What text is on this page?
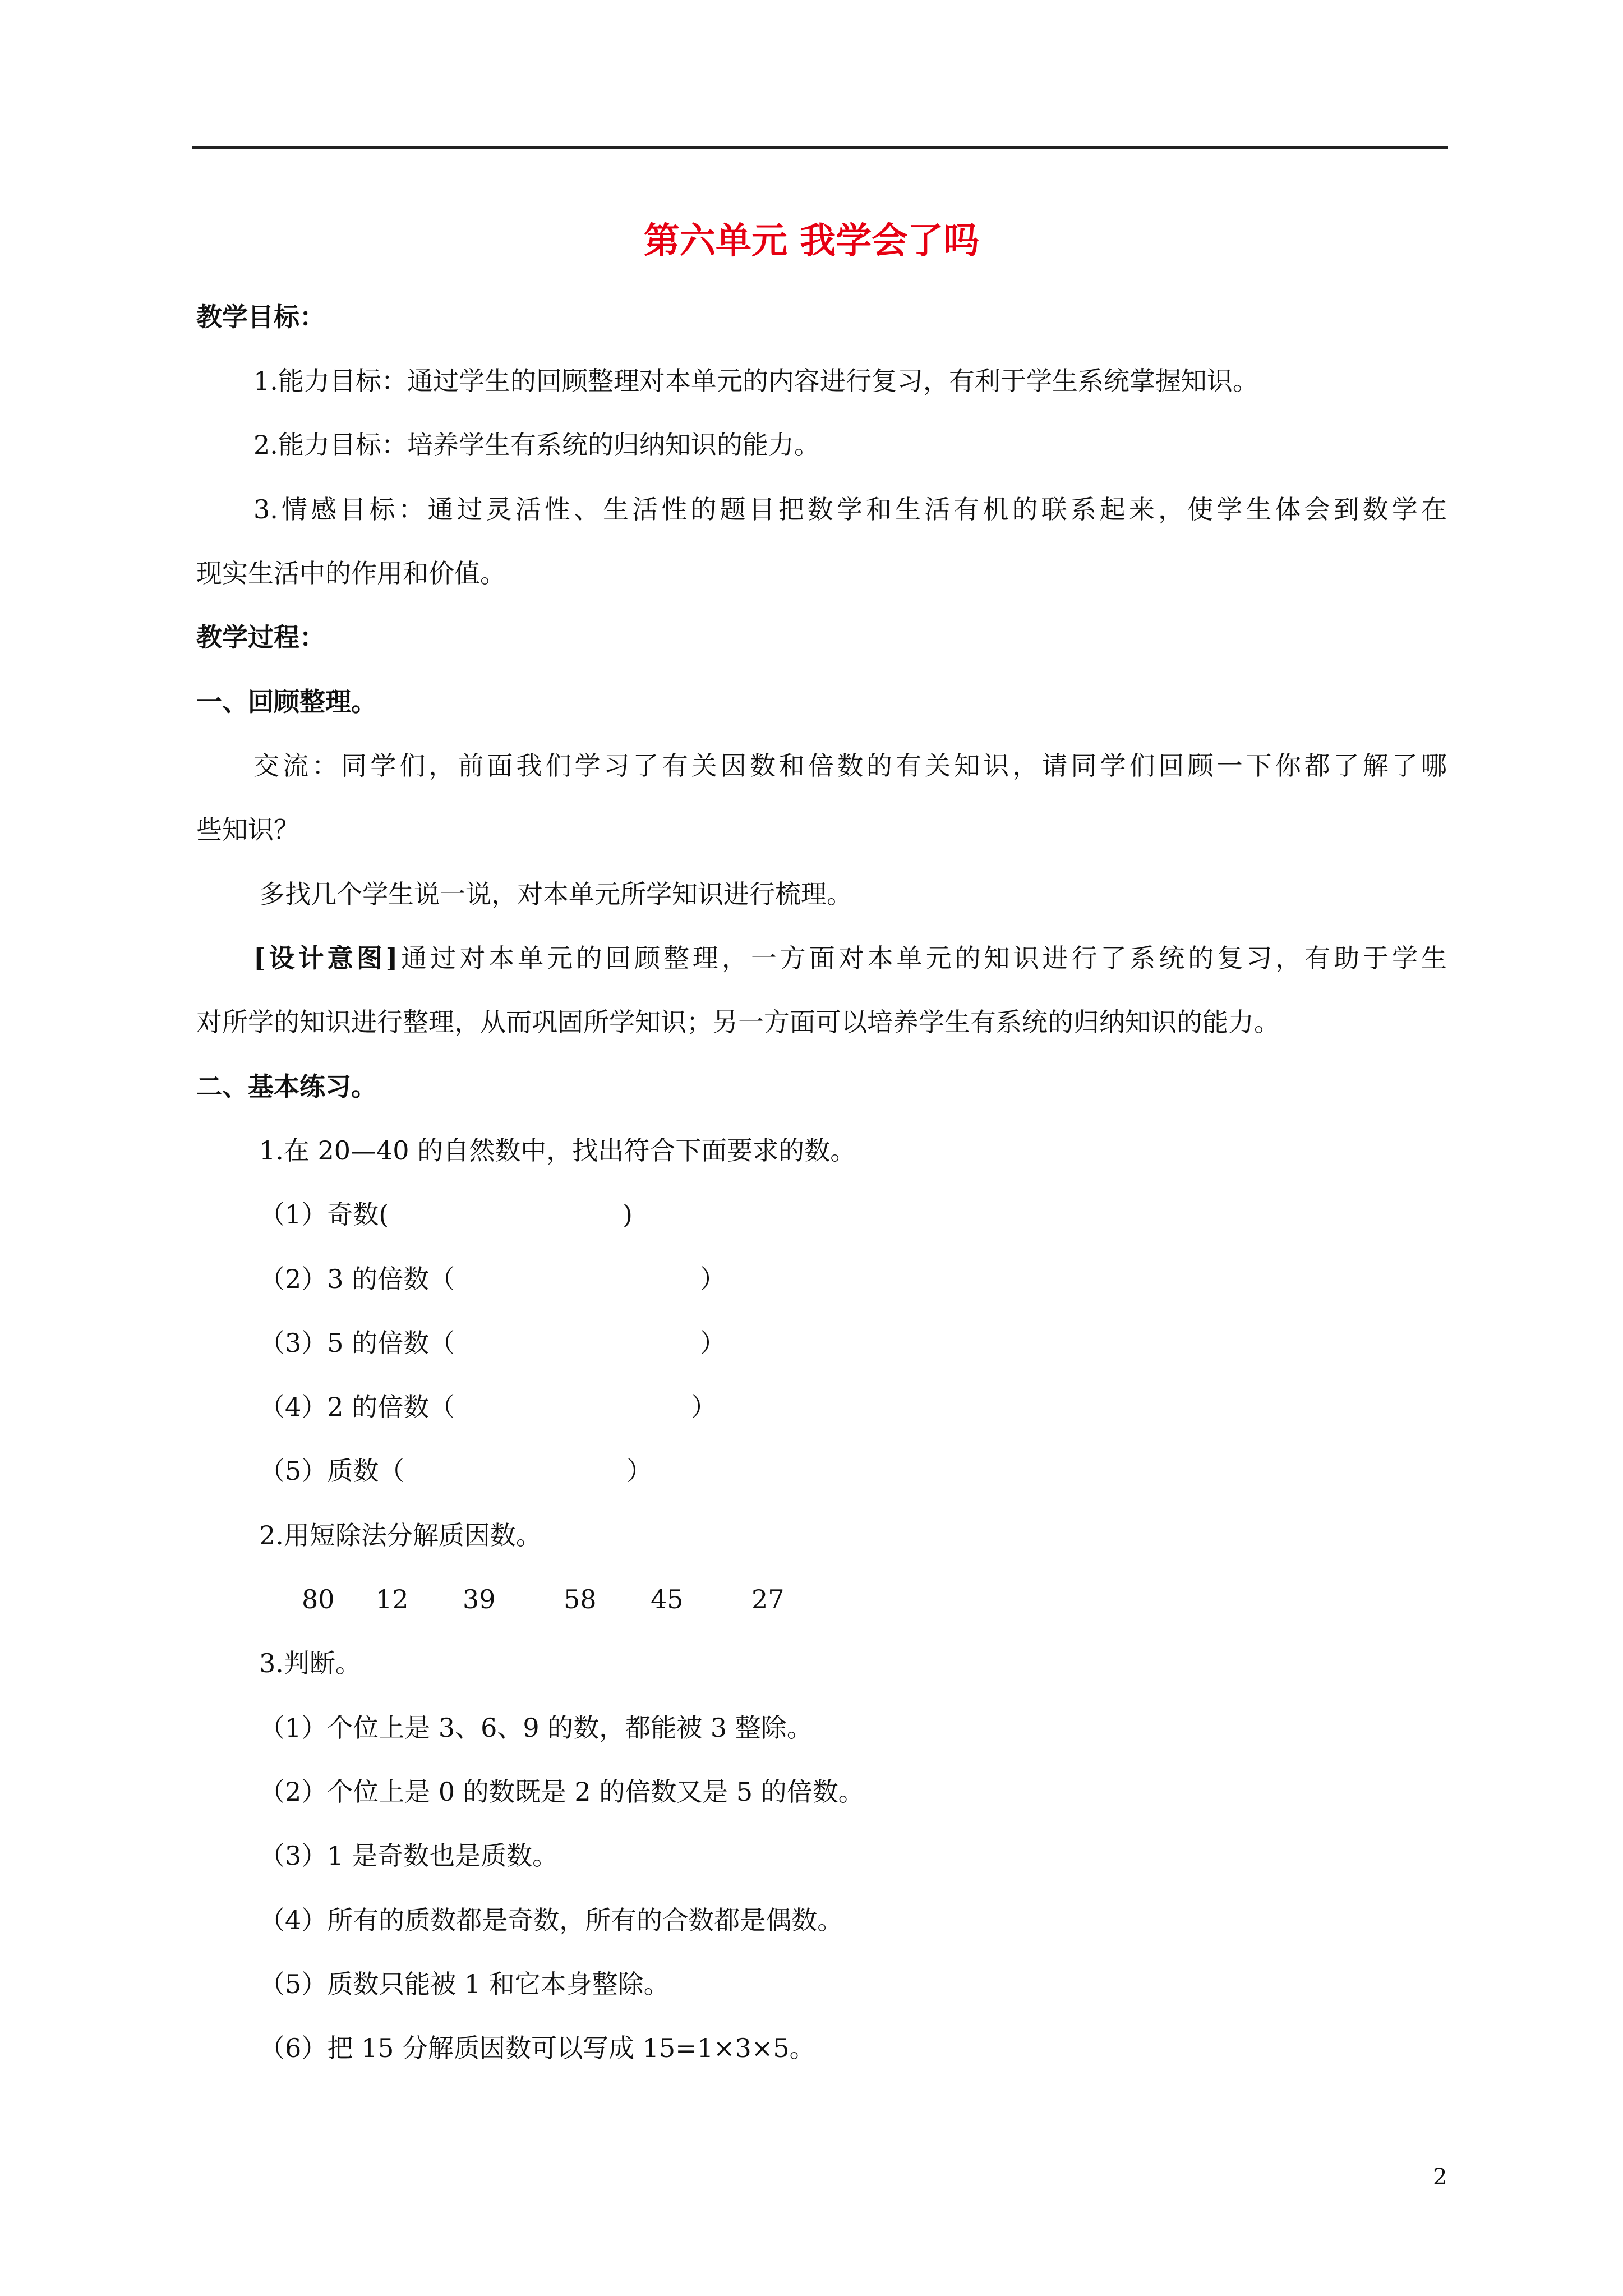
第六单元 我学会了吗
教学目标：
1.能力目标：通过学生的回顾整理对本单元的内容进行复习，有利于学生系统掌握知识。
2.能力目标：培养学生有系统的归纳知识的能力。
3.情感目标：通过灵活性、生活性的题目把数学和生活有机的联系起来，使学生体会到数学在
现实生活中的作用和价值。
教学过程：
一、回顾整理。
交流：同学们，前面我们学习了有关因数和倍数的有关知识，请同学们回顾一下你都了解了哪
些知识？
多找几个学生说一说，对本单元所学知识进行梳理。
[设计意图]通过对本单元的回顾整理，一方面对本单元的知识进行了系统的复习，有助于学生
对所学的知识进行整理，从而巩固所学知识；另一方面可以培养学生有系统的归纳知识的能力。
二、基本练习。
1.在 20—40 的自然数中，找出符合下面要求的数。
（1）奇数(	)
（2）3 的倍数（	）
（3）5 的倍数（	）
（4）2 的倍数（	）
（5）质数（	）
2.用短除法分解质因数。
80 12 39	58 45	27
3.判断。
（1）个位上是 3、6、9 的数，都能被 3 整除。
（2）个位上是 0 的数既是 2 的倍数又是 5 的倍数。
（3）1 是奇数也是质数。
（4）所有的质数都是奇数，所有的合数都是偶数。
（5）质数只能被 1 和它本身整除。
（6）把 15 分解质因数可以写成 15=1×3×5。
2
